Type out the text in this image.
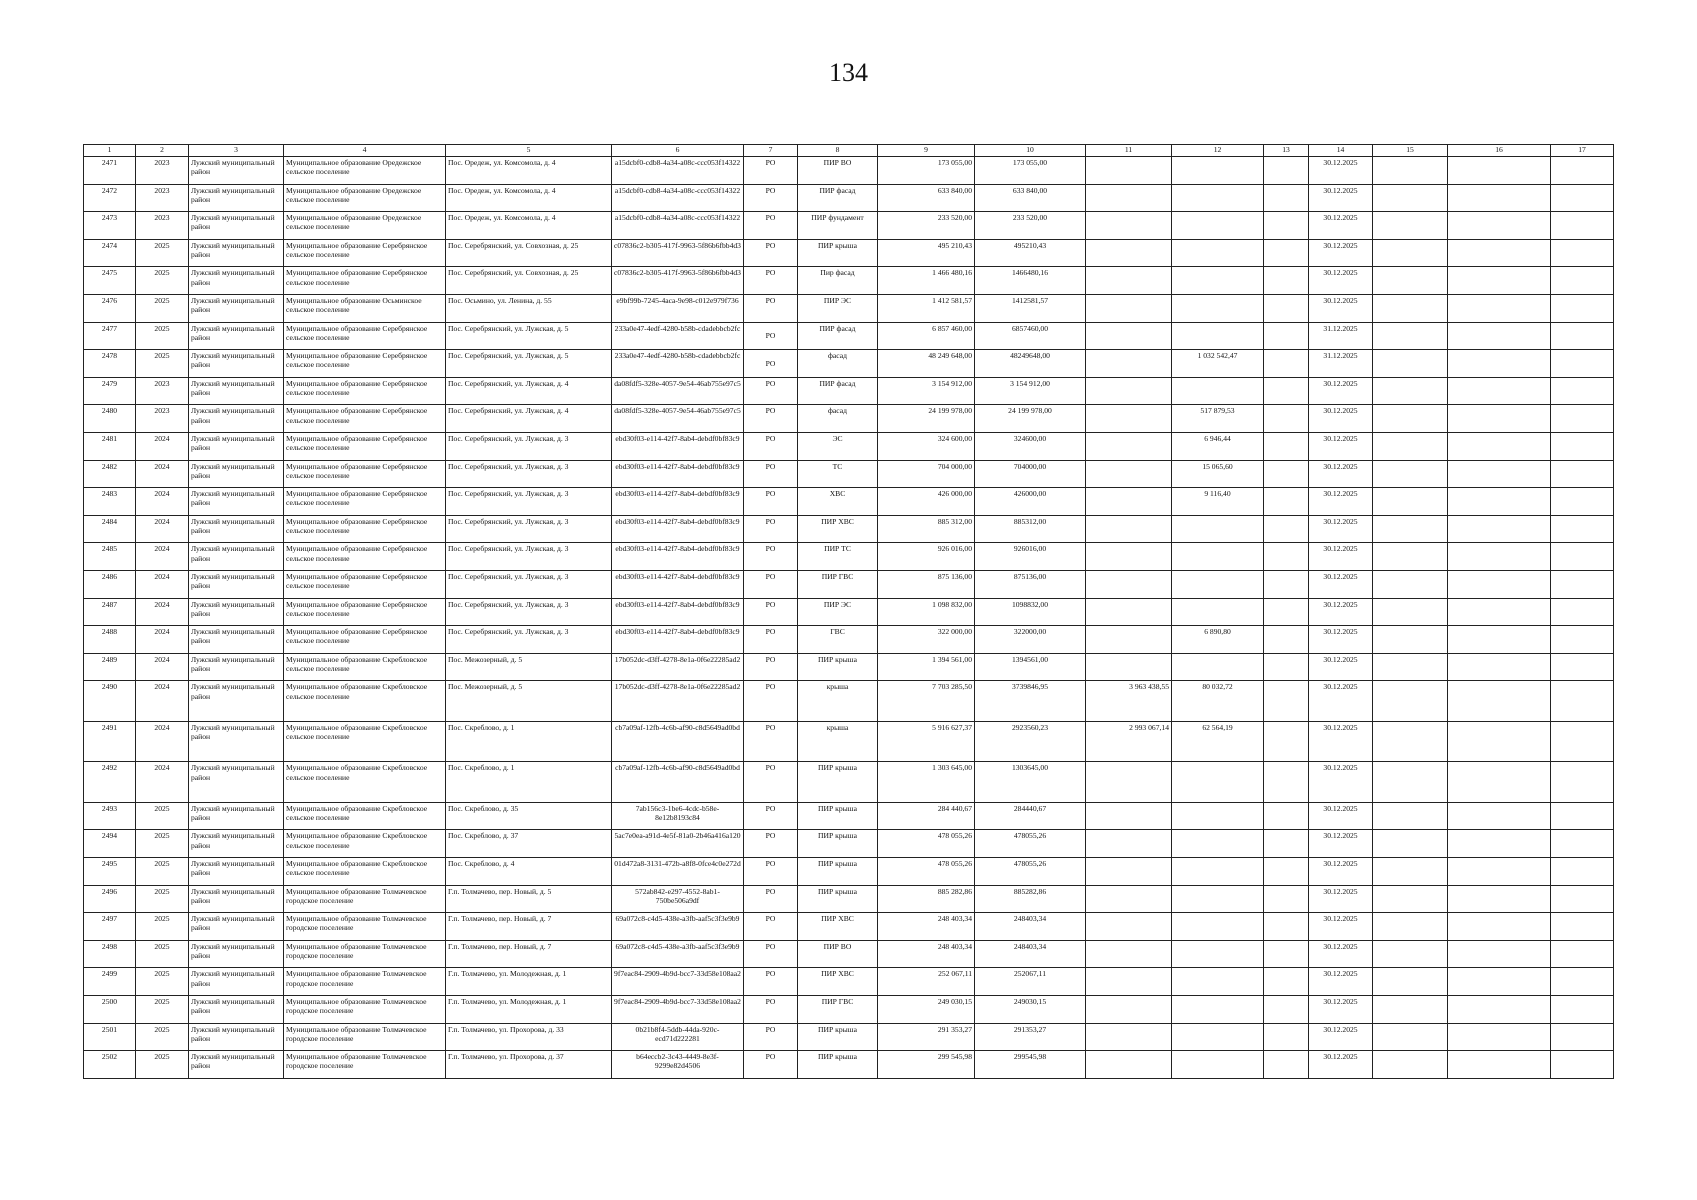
134
1	2	3	4	5	6	7	8	9	10	11	12	13	14	15	16	17
2471	2023	Лужский муниципальный район	Муниципальное образование Оредежское сельское поселение	Пос. Оредеж, ул. Комсомола, д. 4	a15dcbf0-cdb8-4a34-a08c-ccc053f14322	РО	ПИР ВО	173 055,00	173 055,00				30.12.2025			
2472	2023	Лужский муниципальный район	Муниципальное образование Оредежское сельское поселение	Пос. Оредеж, ул. Комсомола, д. 4	a15dcbf0-cdb8-4a34-a08c-ccc053f14322	РО	ПИР фасад	633 840,00	633 840,00				30.12.2025			
2473	2023	Лужский муниципальный район	Муниципальное образование Оредежское сельское поселение	Пос. Оредеж, ул. Комсомола, д. 4	a15dcbf0-cdb8-4a34-a08c-ccc053f14322	РО	ПИР фундамент	233 520,00	233 520,00				30.12.2025			
2474	2025	Лужский муниципальный район	Муниципальное образование Серебрянское сельское поселение	Пос. Серебрянский, ул. Совхозная, д. 25	c07836c2-b305-417f-9963-5f86b6fbb4d3	РО	ПИР крыша	495 210,43	495210,43				30.12.2025			
2475	2025	Лужский муниципальный район	Муниципальное образование Серебрянское сельское поселение	Пос. Серебрянский, ул. Совхозная, д. 25	c07836c2-b305-417f-9963-5f86b6fbb4d3	РО	Пир фасад	1 466 480,16	1466480,16				30.12.2025			
2476	2025	Лужский муниципальный район	Муниципальное образование Осьминское сельское поселение	Пос. Осьмино, ул. Ленина, д. 55	e9bf99b-7245-4aca-9e98-c012e979f736	РО	ПИР ЭС	1 412 581,57	1412581,57				30.12.2025			
2477	2025	Лужский муниципальный район	Муниципальное образование Серебрянское сельское поселение	Пос. Серебрянский, ул. Лужская, д. 5	233a0e47-4edf-4280-b58b-cdadebbcb2fc	РО	ПИР фасад	6 857 460,00	6857460,00				31.12.2025			
2478	2025	Лужский муниципальный район	Муниципальное образование Серебрянское сельское поселение	Пос. Серебрянский, ул. Лужская, д. 5	233a0e47-4edf-4280-b58b-cdadebbcb2fc	РО	фасад	48 249 648,00	48249648,00		1 032 542,47		31.12.2025			
2479	2023	Лужский муниципальный район	Муниципальное образование Серебрянское сельское поселение	Пос. Серебрянский, ул. Лужская, д. 4	da08fdf5-328e-4057-9e54-46ab755e97c5	РО	ПИР фасад	3 154 912,00	3 154 912,00				30.12.2025			
2480	2023	Лужский муниципальный район	Муниципальное образование Серебрянское сельское поселение	Пос. Серебрянский, ул. Лужская, д. 4	da08fdf5-328e-4057-9e54-46ab755e97c5	РО	фасад	24 199 978,00	24 199 978,00		517 879,53		30.12.2025			
2481	2024	Лужский муниципальный район	Муниципальное образование Серебрянское сельское поселение	Пос. Серебрянский, ул. Лужская, д. 3	ebd30f03-e114-42f7-8ab4-debdf0bf83c9	РО	ЭС	324 600,00	324600,00		6 946,44		30.12.2025			
2482	2024	Лужский муниципальный район	Муниципальное образование Серебрянское сельское поселение	Пос. Серебрянский, ул. Лужская, д. 3	ebd30f03-e114-42f7-8ab4-debdf0bf83c9	РО	ТС	704 000,00	704000,00		15 065,60		30.12.2025			
2483	2024	Лужский муниципальный район	Муниципальное образование Серебрянское сельское поселение	Пос. Серебрянский, ул. Лужская, д. 3	ebd30f03-e114-42f7-8ab4-debdf0bf83c9	РО	ХВС	426 000,00	426000,00		9 116,40		30.12.2025			
2484	2024	Лужский муниципальный район	Муниципальное образование Серебрянское сельское поселение	Пос. Серебрянский, ул. Лужская, д. 3	ebd30f03-e114-42f7-8ab4-debdf0bf83c9	РО	ПИР ХВС	885 312,00	885312,00				30.12.2025			
2485	2024	Лужский муниципальный район	Муниципальное образование Серебрянское сельское поселение	Пос. Серебрянский, ул. Лужская, д. 3	ebd30f03-e114-42f7-8ab4-debdf0bf83c9	РО	ПИР ТС	926 016,00	926016,00				30.12.2025			
2486	2024	Лужский муниципальный район	Муниципальное образование Серебрянское сельское поселение	Пос. Серебрянский, ул. Лужская, д. 3	ebd30f03-e114-42f7-8ab4-debdf0bf83c9	РО	ПИР ГВС	875 136,00	875136,00				30.12.2025			
2487	2024	Лужский муниципальный район	Муниципальное образование Серебрянское сельское поселение	Пос. Серебрянский, ул. Лужская, д. 3	ebd30f03-e114-42f7-8ab4-debdf0bf83c9	РО	ПИР ЭС	1 098 832,00	1098832,00				30.12.2025			
2488	2024	Лужский муниципальный район	Муниципальное образование Серебрянское сельское поселение	Пос. Серебрянский, ул. Лужская, д. 3	ebd30f03-e114-42f7-8ab4-debdf0bf83c9	РО	ГВС	322 000,00	322000,00		6 890,80		30.12.2025			
2489	2024	Лужский муниципальный район	Муниципальное образование Скребловское сельское поселение	Пос. Межозерный, д. 5	17b052dc-d3ff-4278-8e1a-0f6e22285ad2	РО	ПИР крыша	1 394 561,00	1394561,00				30.12.2025			
2490	2024	Лужский муниципальный район	Муниципальное образование Скребловское сельское поселение	Пос. Межозерный, д. 5	17b052dc-d3ff-4278-8e1a-0f6e22285ad2	РО	крыша	7 703 285,50	3739846,95	3 963 438,55	80 032,72		30.12.2025			
2491	2024	Лужский муниципальный район	Муниципальное образование Скребловское сельское поселение	Пос. Скреблово, д. 1	cb7a09af-12fb-4c6b-af90-c8d5649ad0bd	РО	крыша	5 916 627,37	2923560,23	2 993 067,14	62 564,19		30.12.2025			
2492	2024	Лужский муниципальный район	Муниципальное образование Скребловское сельское поселение	Пос. Скреблово, д. 1	cb7a09af-12fb-4c6b-af90-c8d5649ad0bd	РО	ПИР крыша	1 303 645,00	1303645,00				30.12.2025			
2493	2025	Лужский муниципальный район	Муниципальное образование Скребловское сельское поселение	Пос. Скреблово, д. 35	7ab156c3-1be6-4cdc-b58e-8e12b8193c84	РО	ПИР крыша	284 440,67	284440,67				30.12.2025			
2494	2025	Лужский муниципальный район	Муниципальное образование Скребловское сельское поселение	Пос. Скреблово, д. 37	5ac7e0ea-a91d-4e5f-81a0-2b46a416a120	РО	ПИР крыша	478 055,26	478055,26				30.12.2025			
2495	2025	Лужский муниципальный район	Муниципальное образование Скребловское сельское поселение	Пос. Скреблово, д. 4	01d472a8-3131-472b-a8f8-0fce4c0e272d	РО	ПИР крыша	478 055,26	478055,26				30.12.2025			
2496	2025	Лужский муниципальный район	Муниципальное образование Толмачевское городское поселение	Г.п. Толмачево, пер. Новый, д. 5	572ab842-e297-4552-8ab1-750be506a9df	РО	ПИР крыша	885 282,86	885282,86				30.12.2025			
2497	2025	Лужский муниципальный район	Муниципальное образование Толмачевское городское поселение	Г.п. Толмачево, пер. Новый, д. 7	69a072c8-c4d5-438e-a3fb-aaf5c3f3e9b9	РО	ПИР ХВС	248 403,34	248403,34				30.12.2025			
2498	2025	Лужский муниципальный район	Муниципальное образование Толмачевское городское поселение	Г.п. Толмачево, пер. Новый, д. 7	69a072c8-c4d5-438e-a3fb-aaf5c3f3e9b9	РО	ПИР ВО	248 403,34	248403,34				30.12.2025			
2499	2025	Лужский муниципальный район	Муниципальное образование Толмачевское городское поселение	Г.п. Толмачево, ул. Молодежная, д. 1	9f7eac84-2909-4b9d-bcc7-33d58e108aa2	РО	ПИР ХВС	252 067,11	252067,11				30.12.2025			
2500	2025	Лужский муниципальный район	Муниципальное образование Толмачевское городское поселение	Г.п. Толмачево, ул. Молодежная, д. 1	9f7eac84-2909-4b9d-bcc7-33d58e108aa2	РО	ПИР ГВС	249 030,15	249030,15				30.12.2025			
2501	2025	Лужский муниципальный район	Муниципальное образование Толмачевское городское поселение	Г.п. Толмачево, ул. Прохорова, д. 33	0b21b8f4-5ddb-44da-920c-ecd71d222281	РО	ПИР крыша	291 353,27	291353,27				30.12.2025			
2502	2025	Лужский муниципальный район	Муниципальное образование Толмачевское городское поселение	Г.п. Толмачево, ул. Прохорова, д. 37	b64eccb2-3c43-4449-8e3f-9299e82d4506	РО	ПИР крыша	299 545,98	299545,98				30.12.2025			
